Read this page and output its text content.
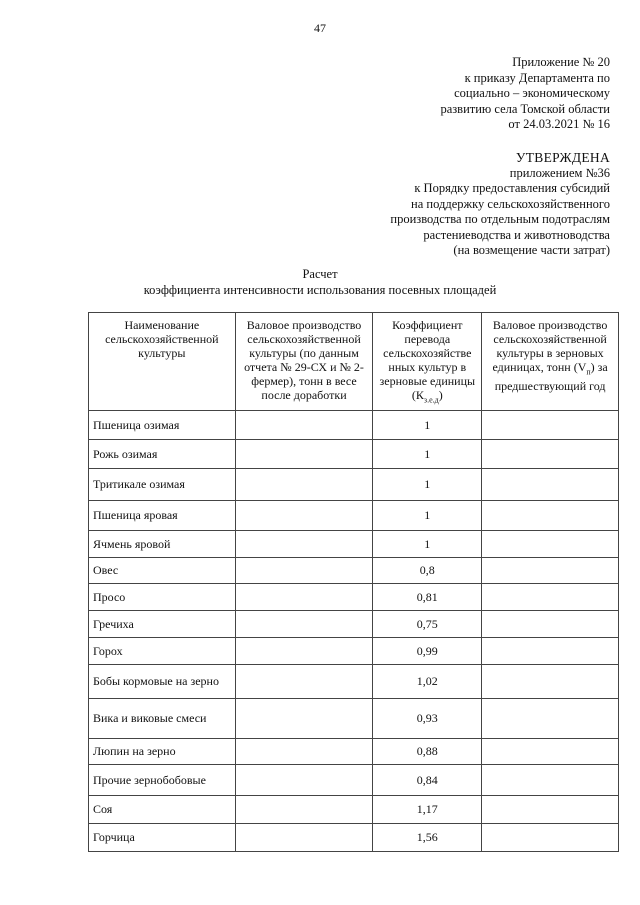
47
Приложение № 20
к приказу Департамента по
социально – экономическому
развитию села Томской области
от 24.03.2021 № 16
УТВЕРЖДЕНА
приложением №36
к Порядку предоставления субсидий
на поддержку сельскохозяйственного
производства по отдельным подотраслям
растениеводства и животноводства
(на возмещение части затрат)
Расчет
коэффициента интенсивности использования посевных площадей
Наименование сельскохозяйственной культуры	Валовое производство сельскохозяйственной культуры (по данным отчета № 29-СХ и № 2-фермер), тонн в весе после доработки	Коэффициент перевода сельскохозяйстве нных культур в зерновые единицы $(К_{з.е.д})$	Валовое производство сельскохозяйственной культуры в зерновых единицах, тонн $(V_п)$ за предшествующий год
Пшеница озимая		1	
Рожь озимая		1	
Тритикале озимая		1	
Пшеница яровая		1	
Ячмень яровой		1	
Овес		0,8	
Просо		0,81	
Гречиха		0,75	
Горох		0,99	
Бобы кормовые на зерно		1,02	
Вика и виковые смеси		0,93	
Люпин на зерно		0,88	
Прочие зернобобовые		0,84	
Соя		1,17	
Горчица		1,56	
